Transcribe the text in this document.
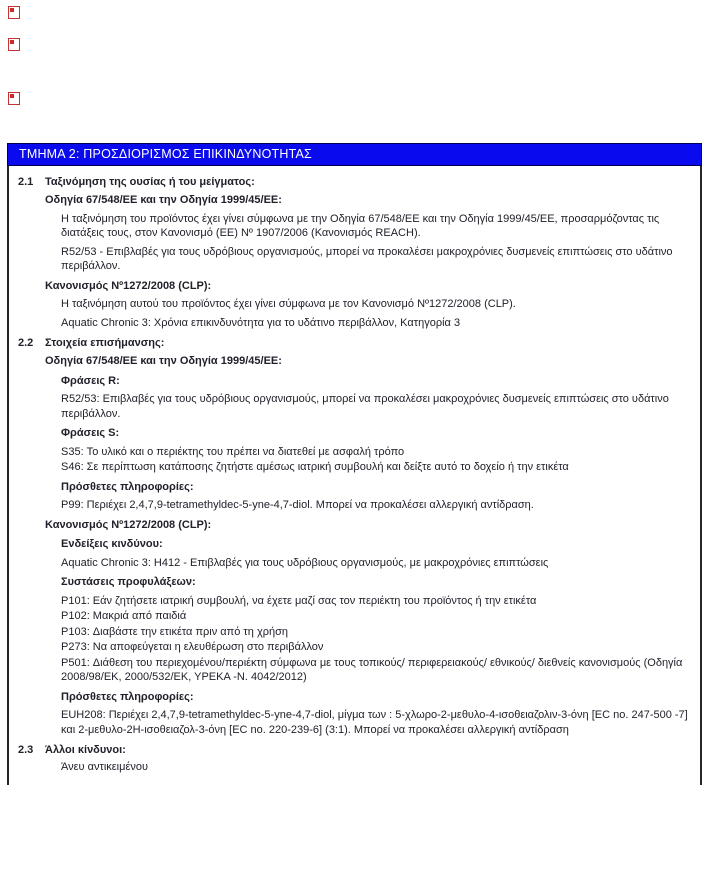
ΤΜΗΜΑ 2: ΠΡΟΣΔΙΟΡΙΣΜΟΣ ΕΠΙΚΙΝΔΥΝΟΤΗΤΑΣ
2.1	Ταξινόμηση της ουσίας ή του μείγματος:
Οδηγία 67/548/ΕΕ και την Οδηγία 1999/45/ΕΕ:
Η ταξινόμηση του προϊόντος έχει γίνει σύμφωνα με την Οδηγία 67/548/ΕΕ και την Οδηγία 1999/45/ΕΕ, προσαρμόζοντας τις διατάξεις τους, στον Κανονισμό (ΕΕ) Νº 1907/2006 (Κανονισμός REACH).
R52/53 - Επιβλαβές για τους υδρόβιους οργανισμούς, μπορεί να προκαλέσει μακροχρόνιες δυσμενείς επιπτώσεις στο υδάτινο περιβάλλον.
Κανονισμός Νº1272/2008 (CLP):
Η ταξινόμηση αυτού του προϊόντος έχει γίνει σύμφωνα με τον Κανονισμό Νº1272/2008 (CLP).
Aquatic Chronic 3: Χρόνια επικινδυνότητα για το υδάτινο περιβάλλον, Κατηγορία 3
2.2	Στοιχεία επισήμανσης:
Οδηγία 67/548/ΕΕ και την Οδηγία 1999/45/ΕΕ:
Φράσεις R:
R52/53: Επιβλαβές για τους υδρόβιους οργανισμούς, μπορεί να προκαλέσει μακροχρόνιες δυσμενείς επιπτώσεις στο υδάτινο περιβάλλον.
Φράσεις S:
S35: Το υλικό και ο περιέκτης του πρέπει να διατεθεί με ασφαλή τρόπο
S46: Σε περίπτωση κατάποσης ζητήστε αμέσως ιατρική συμβουλή και δείξτε αυτό το δοχείο ή την ετικέτα
Πρόσθετες πληροφορίες:
P99: Περιέχει 2,4,7,9-tetramethyldec-5-yne-4,7-diol. Μπορεί να προκαλέσει αλλεργική αντίδραση.
Κανονισμός Νº1272/2008 (CLP):
Ενδείξεις κινδύνου:
Aquatic Chronic 3: H412 - Επιβλαβές για τους υδρόβιους οργανισμούς, με μακροχρόνιες επιπτώσεις
Συστάσεις προφυλάξεων:
P101: Εάν ζητήσετε ιατρική συμβουλή, να έχετε μαζί σας τον περιέκτη του προϊόντος ή την ετικέτα
P102: Μακριά από παιδιά
P103: Διαβάστε την ετικέτα πριν από τη χρήση
P273: Να αποφεύγεται η ελευθέρωση στο περιβάλλον
P501: Διάθεση του περιεχομένου/περιέκτη σύμφωνα με τους τοπικούς/ περιφερειακούς/ εθνικούς/ διεθνείς κανονισμούς (Οδηγία 2008/98/ΕΚ, 2000/532/ΕΚ, ΥΡΕΚΑ -Ν. 4042/2012)
Πρόσθετες πληροφορίες:
EUH208: Περιέχει 2,4,7,9-tetramethyldec-5-yne-4,7-diol, μίγμα των : 5-χλωρο-2-μεθυλο-4-ισοθειαζολιν-3-όνη [EC no. 247-500 -7] και 2-μεθυλο-2Η-ισοθειαζολ-3-όνη [EC no. 220-239-6] (3:1). Μπορεί να προκαλέσει αλλεργική αντίδραση
2.3	Άλλοι κίνδυνοι:
Άνευ αντικειμένου
